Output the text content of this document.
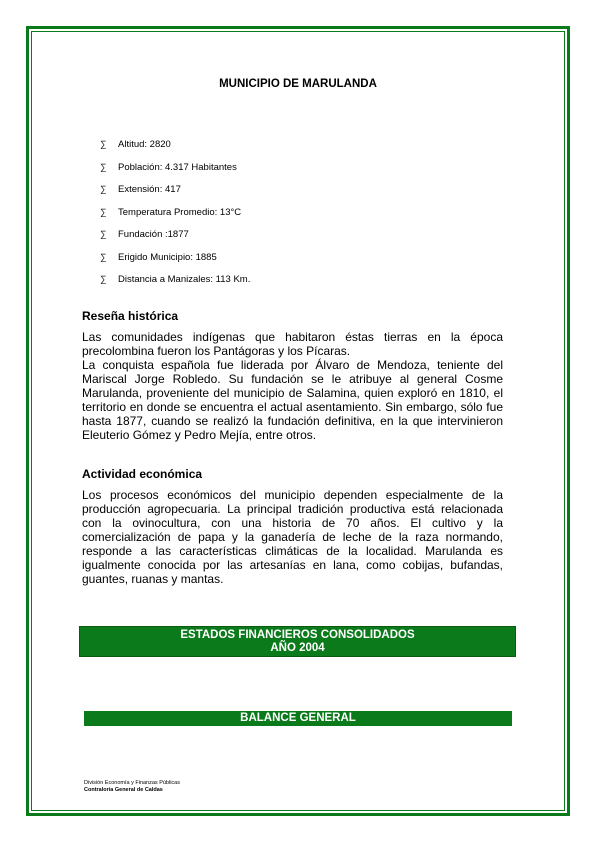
MUNICIPIO DE MARULANDA
∑	Altitud: 2820
∑	Población: 4.317 Habitantes
∑	Extensión: 417
∑	Temperatura Promedio: 13°C
∑	Fundación :1877
∑	Erigido Municipio: 1885
∑	Distancia a Manizales: 113 Km.
Reseña histórica

Las comunidades indígenas que habitaron éstas tierras en la época precolombina fueron los Pantágoras y los Pícaras.

La conquista española fue liderada por Álvaro de Mendoza, teniente del Mariscal Jorge Robledo. Su fundación se le atribuye al general Cosme Marulanda, proveniente del municipio de Salamina, quien exploró en 1810, el territorio en donde se encuentra el actual asentamiento. Sin embargo, sólo fue hasta 1877, cuando se realizó la fundación definitiva, en la que intervinieron Eleuterio Gómez y Pedro Mejía, entre otros.

Actividad económica

Los procesos económicos del municipio dependen especialmente de la producción agropecuaria. La principal tradición productiva está relacionada con la ovinocultura, con una historia de 70 años. El cultivo y la comercialización de papa y la ganadería de leche de la raza normando, responde a las características climáticas de la localidad. Marulanda es igualmente conocida por las artesanías en lana, como cobijas, bufandas, guantes, ruanas y mantas.

ESTADOS FINANCIEROS CONSOLIDADOS
AÑO 2004
BALANCE GENERAL
División Economía y Finanzas Públicas
Contraloría General de Caldas
